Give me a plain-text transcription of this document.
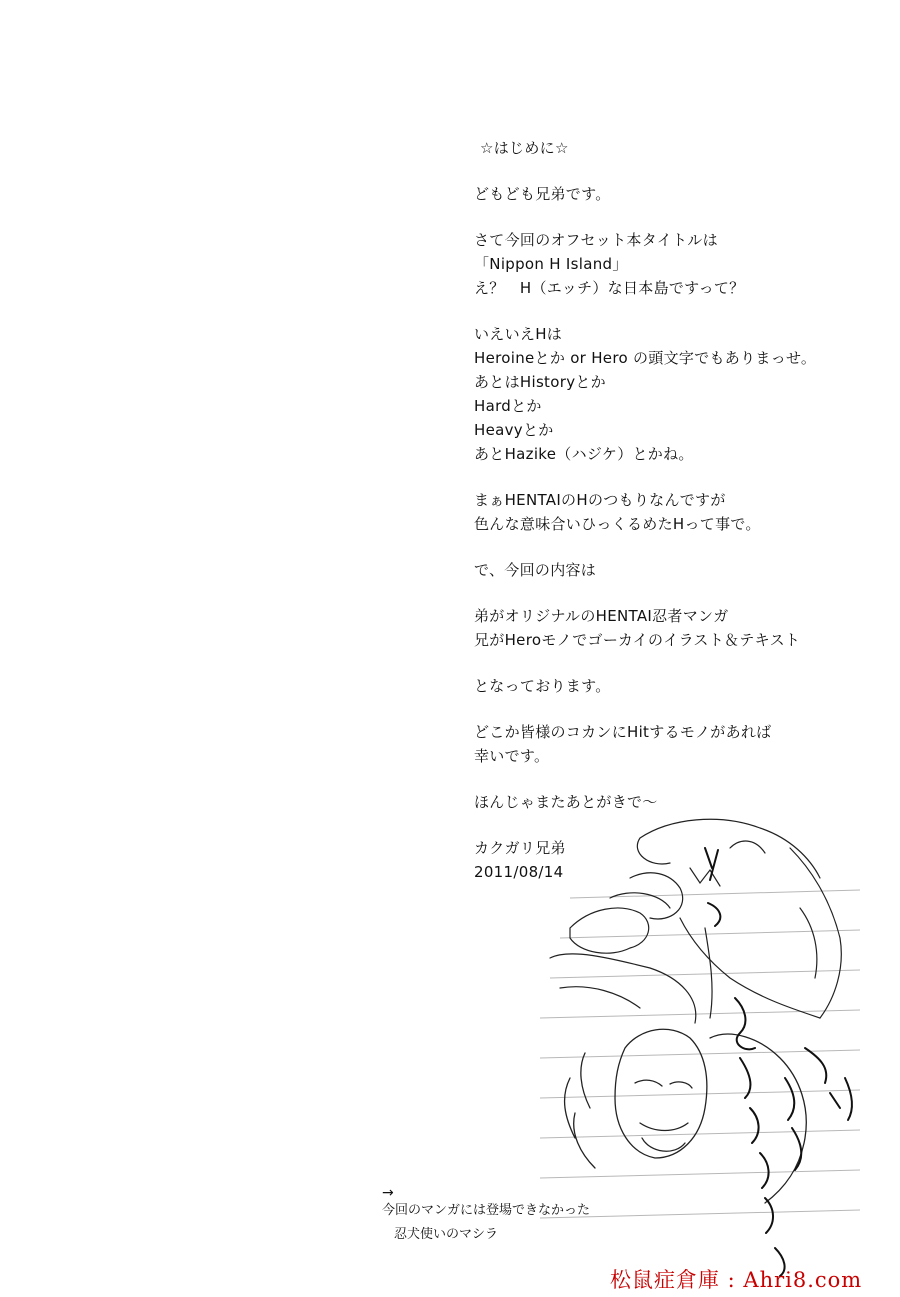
☆はじめに☆
どもども兄弟です。
さて今回のオフセット本タイトルは
「Nippon H Island」
え？　H（エッチ）な日本島ですって？
いえいえHは
Heroineとか or Hero の頭文字でもありまっせ。
あとはHistoryとか
Hardとか
Heavyとか
あとHazike（ハジケ）とかね。
まぁHENTAIのHのつもりなんですが
色んな意味合いひっくるめたHって事で。
で、今回の内容は
弟がオリジナルのHENTAI忍者マンガ
兄がHeroモノでゴーカイのイラスト＆テキスト
となっております。
どこか皆様のコカンにHitするモノがあれば
幸いです。
ほんじゃまたあとがきで～
カクガリ兄弟
2011/08/14
→
今回のマンガには登場できなかった
忍犬使いのマシラ
松鼠症倉庫 : Ahri8.com
